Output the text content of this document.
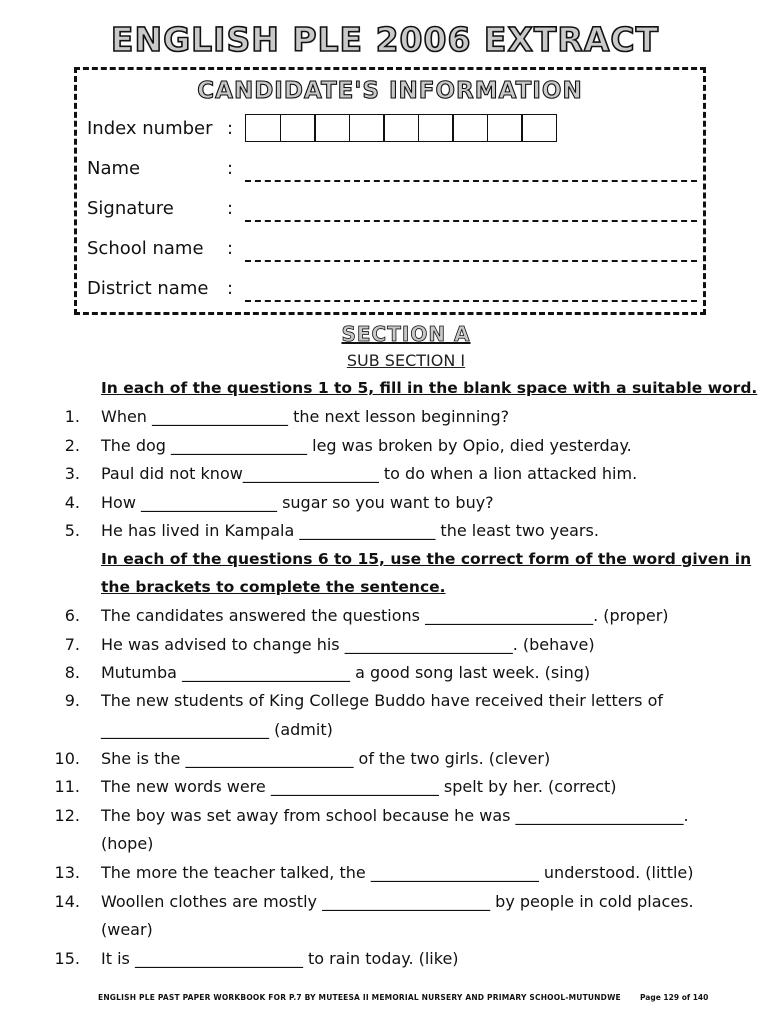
ENGLISH PLE 2006 EXTRACT
CANDIDATE'S INFORMATION
Index number :
Name	:
Signature	:
School name	:
District name	:
SECTION A
SUB SECTION I
In each of the questions 1 to 5, fill in the blank space with a suitable word.
1. When _________________ the next lesson beginning?
2. The dog _________________ leg was broken by Opio, died yesterday.
3. Paul did not know_________________ to do when a lion attacked him.
4. How _________________ sugar so you want to buy?
5. He has lived in Kampala _________________ the least two years.
In each of the questions 6 to 15, use the correct form of the word given in
the brackets to complete the sentence.
6. The candidates answered the questions _____________________. (proper)
7. He was advised to change his _____________________. (behave)
8. Mutumba _____________________ a good song last week. (sing)
9. The new students of King College Buddo have received their letters of
_____________________ (admit)
10. She is the _____________________ of the two girls. (clever)
11. The new words were _____________________ spelt by her. (correct)
12. The boy was set away from school because he was _____________________.
(hope)
13. The more the teacher talked, the _____________________ understood. (little)
14. Woollen clothes are mostly _____________________ by people in cold places.
(wear)
15. It is _____________________ to rain today. (like)
ENGLISH PLE PAST PAPER WORKBOOK FOR P.7 BY MUTEESA II MEMORIAL NURSERY AND PRIMARY SCHOOL-MUTUNDWE	Page 129 of 140
